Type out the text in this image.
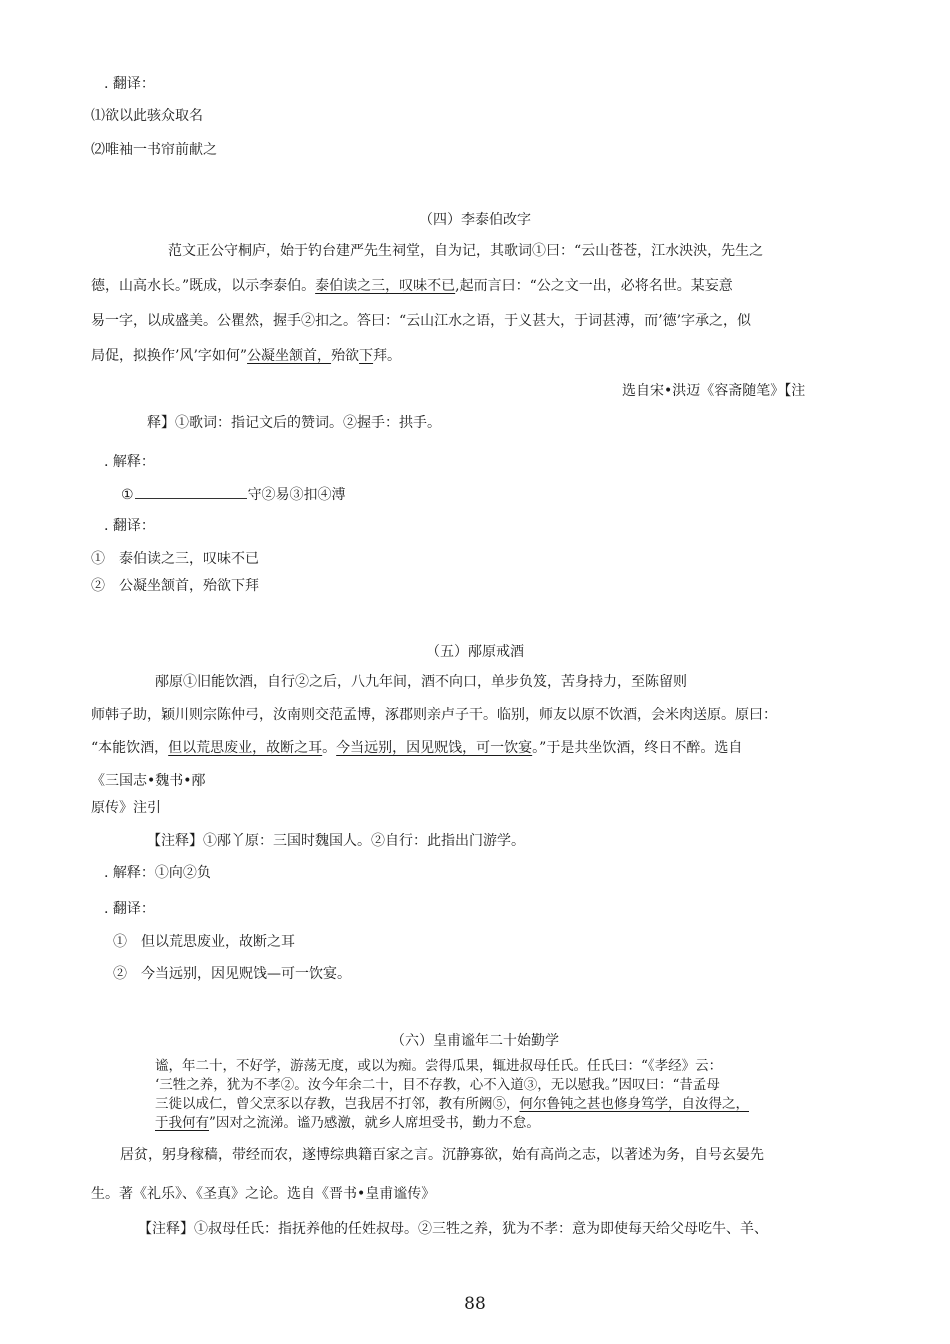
. 翻译：
⑴欲以此骇众取名
⑵唯袖一书帘前献之
（四）李泰伯改字
范文正公守桐庐，始于钓台建严先生祠堂，自为记，其歌词①曰：“云山苍苍，江水泱泱，先生之
德，山高水长。”既成，以示李泰伯。泰伯读之三，叹味不已,起而言曰：“公之文一出，必将名世。某妄意
易一字，以成盛美。公瞿然，握手②扣之。答曰：“云山江水之语，于义甚大，于词甚溥，而’德’字承之，似
局促，拟换作’风’字如何”公凝坐颔首，殆欲下拜。
选自宋•洪迈《容斋随笔》【注
释】①歌词：指记文后的赞词。②握手：拱手。
. 解释：
①	守②易③扣④溥
. 翻译：
①　泰伯读之三，叹味不已
②　公凝坐颔首，殆欲下拜
（五）邴原戒酒
邴原①旧能饮酒，自行②之后，八九年间，酒不向口，单步负笈，苦身持力，至陈留则
师韩子助，颖川则宗陈仲弓，汝南则交范孟博，涿郡则亲卢子干。临别，师友以原不饮酒，会米肉送原。原曰：
“本能饮酒，但以荒思废业，故断之耳。今当远别，因见贶饯，可一饮宴。”于是共坐饮酒，终日不醉。选自
《三国志•魏书•邴
原传》注引
【注释】①邴丫原：三国时魏国人。②自行：此指出门游学。
. 解释：①向②负
. 翻译：
①　但以荒思废业，故断之耳
②　今当远别，因见贶饯—可一饮宴。
（六）皇甫谧年二十始勤学
谧，年二十，不好学，游荡无度，或以为痴。尝得瓜果，辄进叔母任氏。任氏曰：“《孝经》云：
‘三牲之养，犹为不孝②。汝今年余二十，目不存教，心不入道③，无以慰我。”因叹曰：“昔孟母
三徙以成仁，曾父烹豕以存教，岂我居不打邻，教有所阙⑤，何尔鲁钝之甚也修身笃学，自汝得之，
于我何有”因对之流涕。谧乃感激，就乡人席坦受书，勤力不怠。
居贫，躬身稼穑，带经而农，遂博综典籍百家之言。沉静寡欲，始有高尚之志，以著述为务，自号玄晏先
生。著《礼乐》、《圣真》之论。选自《晋书•皇甫谧传》
【注释】①叔母任氏：指抚养他的任姓叔母。②三牲之养，犹为不孝：意为即使每天给父母吃牛、羊、
88
